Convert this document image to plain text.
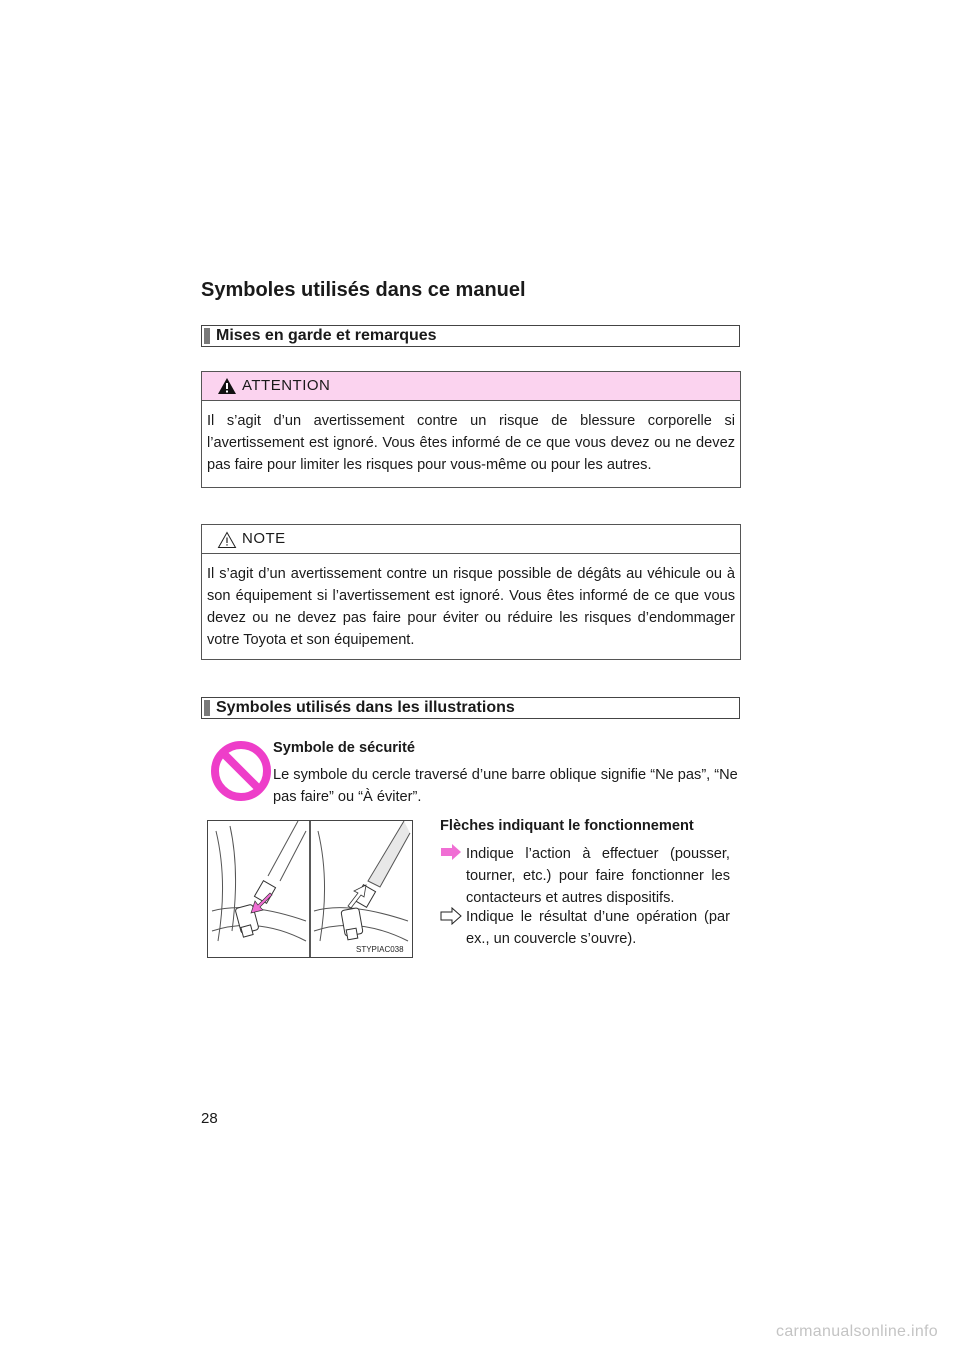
Symboles utilisés dans ce manuel
Mises en garde et remarques
ATTENTION
Il s’agit d’un avertissement contre un risque de blessure corporelle si l’avertissement est ignoré. Vous êtes informé de ce que vous devez ou ne devez pas faire pour limiter les risques pour vous-même ou pour les autres.
NOTE
Il s’agit d’un avertissement contre un risque possible de dégâts au véhicule ou à son équipement si l’avertissement est ignoré. Vous êtes informé de ce que vous devez ou ne devez pas faire pour éviter ou réduire les risques d’endommager votre Toyota et son équipement.
Symboles utilisés dans les illustrations
Symbole de sécurité
Le symbole du cercle traversé d’une barre oblique signifie “Ne pas”, “Ne pas faire” ou “À éviter”.
STYPIAC038
Flèches indiquant le fonctionnement
Indique l’action à effectuer (pousser, tourner, etc.) pour faire fonctionner les contacteurs et autres dispositifs.
Indique le résultat d’une opération (par ex., un couvercle s’ouvre).
28
carmanualsonline.info
